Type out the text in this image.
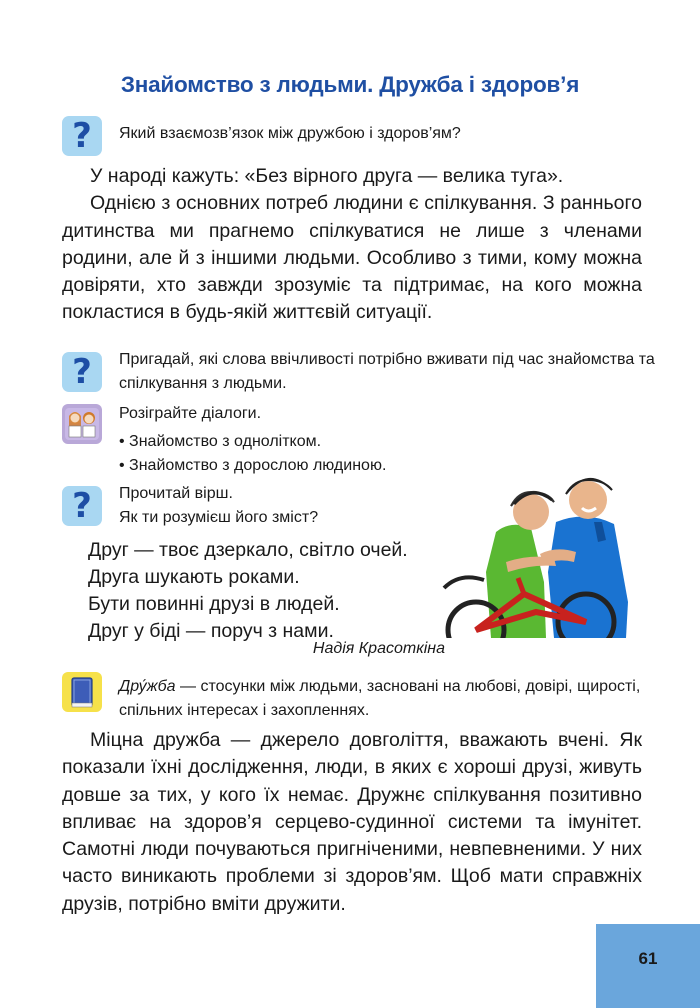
Знайомство з людьми. Дружба і здоров’я
?	Який взаємозв’язок між дружбою і здоров’ям?

У народі кажуть: «Без вірного друга — велика туга».

Однією з основних потреб людини є спілкування. З раннього дитинства ми прагнемо спілкуватися не лише з членами родини, але й з іншими людьми. Особливо з тими, кому можна довіряти, хто завжди зрозуміє та підтримає, на кого можна покластися в будь-якій життєвій ситуації.

?	Пригадай, які слова ввічливості потрібно вживати під час знайомства та спілкування з людьми.
Розіграйте діалоги.
• Знайомство з однолітком.
• Знайомство з дорослою людиною.
?	Прочитай вірш.
Як ти розумієш його зміст?
Друг — твоє дзеркало, світло очей.
Друга шукають роками.
Бути повинні друзі в людей.
Друг у біді — поруч з нами.
Надія Красоткіна
Дру́жба — стосунки між людьми, засновані на любові, довірі, щирості, спільних інтересах і захопленнях.

Міцна дружба — джерело довголіття, вважають вчені. Як показали їхні дослідження, люди, в яких є хороші друзі, живуть довше за тих, у кого їх немає. Дружнє спілкування позитивно впливає на здоров’я серцево-судинної системи та імунітет. Самотні люди почуваються пригніченими, невпевненими. У них часто виникають проблеми зі здоров’ям. Щоб мати справжніх друзів, потрібно вміти дружити.

61
